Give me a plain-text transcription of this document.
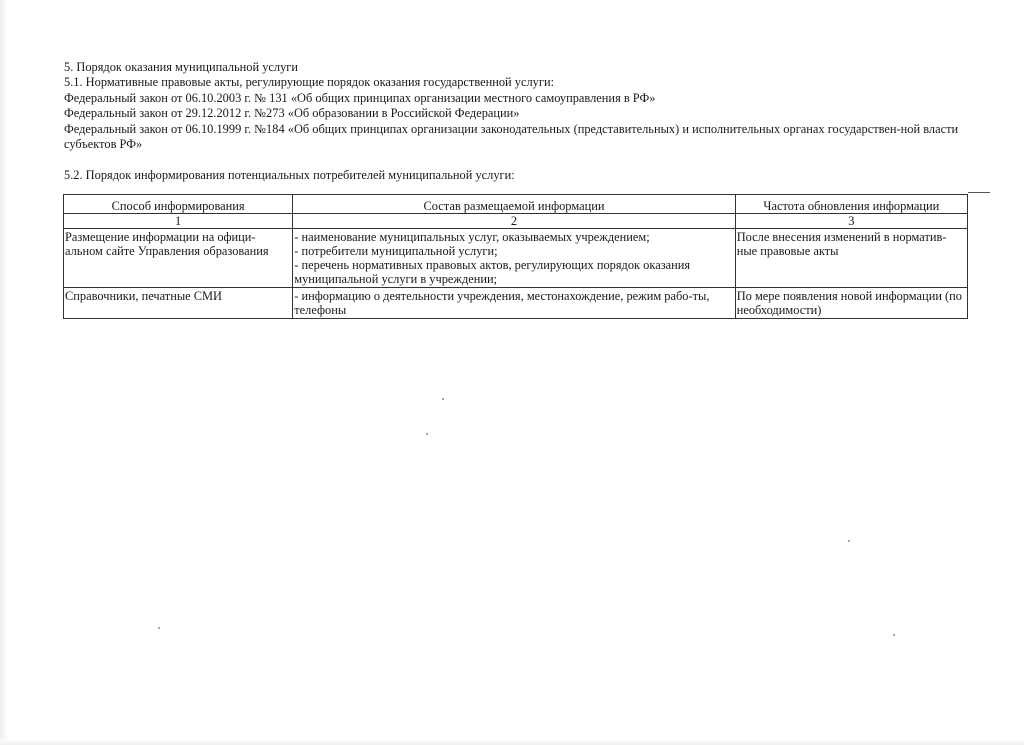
5. Порядок оказания муниципальной услуги

5.1. Нормативные правовые акты, регулирующие порядок оказания государственной услуги:

Федеральный закон от 06.10.2003 г. № 131 «Об общих принципах организации местного самоуправления в РФ»

Федеральный закон от 29.12.2012 г. №273 «Об образовании в Российской Федерации»

Федеральный закон от 06.10.1999 г. №184 «Об общих принципах организации законодательных (представительных) и исполнительных органах государствен-ной власти субъектов РФ»

5.2. Порядок информирования потенциальных потребителей муниципальной услуги:

Способ информирования	Состав размещаемой информации	Частота обновления информации
1	2	3
Размещение информации на офици-альном сайте Управления образования	- наименование муниципальных услуг, оказываемых учреждением;
- потребители муниципальной услуги;
- перечень нормативных правовых актов, регулирующих порядок оказания муниципальной услуги в учреждении;	После внесения изменений в норматив-ные правовые акты
Справочники, печатные СМИ	- информацию о деятельности учреждения, местонахождение, режим рабо-ты, телефоны	По мере появления новой информации (по необходимости)
